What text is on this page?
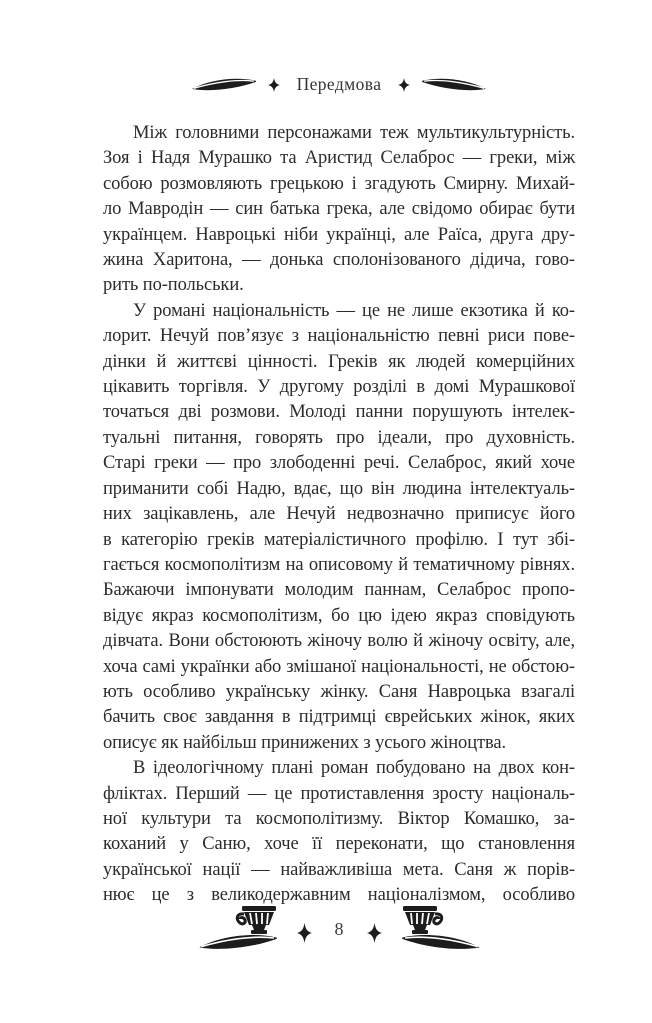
Передмова
Між головними персонажами теж мультикультурність.
Зоя і Надя Мурашко та Аристид Селаброс — греки, між
собою розмовляють грецькою і згадують Смирну. Михай-
ло Мавродін — син батька грека, але свідомо обирає бути
українцем. Навроцькі ніби українці, але Раїса, друга дру-
жина Харитона, — донька сполонізованого дідича, гово-
рить по-польськи.
У романі національність — це не лише екзотика й ко-
лорит. Нечуй пов’язує з національністю певні риси пове-
дінки й життєві цінності. Греків як людей комерційних
цікавить торгівля. У другому розділі в домі Мурашкової
точаться дві розмови. Молоді панни порушують інтелек-
туальні питання, говорять про ідеали, про духовність.
Старі греки — про злободенні речі. Селаброс, який хоче
приманити собі Надю, вдає, що він людина інтелектуаль-
них зацікавлень, але Нечуй недвозначно приписує його
в категорію греків матеріалістичного профілю. І тут збі-
гається космополітизм на описовому й тематичному рівнях.
Бажаючи імпонувати молодим паннам, Селаброс пропо-
відує якраз космополітизм, бо цю ідею якраз сповідують
дівчата. Вони обстоюють жіночу волю й жіночу освіту, але,
хоча самі українки або змішаної національності, не обстою-
ють особливо українську жінку. Саня Навроцька взагалі
бачить своє завдання в підтримці єврейських жінок, яких
описує як найбільш принижених з усього жіноцтва.
В ідеологічному плані роман побудовано на двох кон-
фліктах. Перший — це протиставлення зросту національ-
ної культури та космополітизму. Віктор Комашко, за-
коханий у Саню, хоче її переконати, що становлення
української нації — найважливіша мета. Саня ж порів-
нює це з великодержавним націоналізмом, особливо
8
